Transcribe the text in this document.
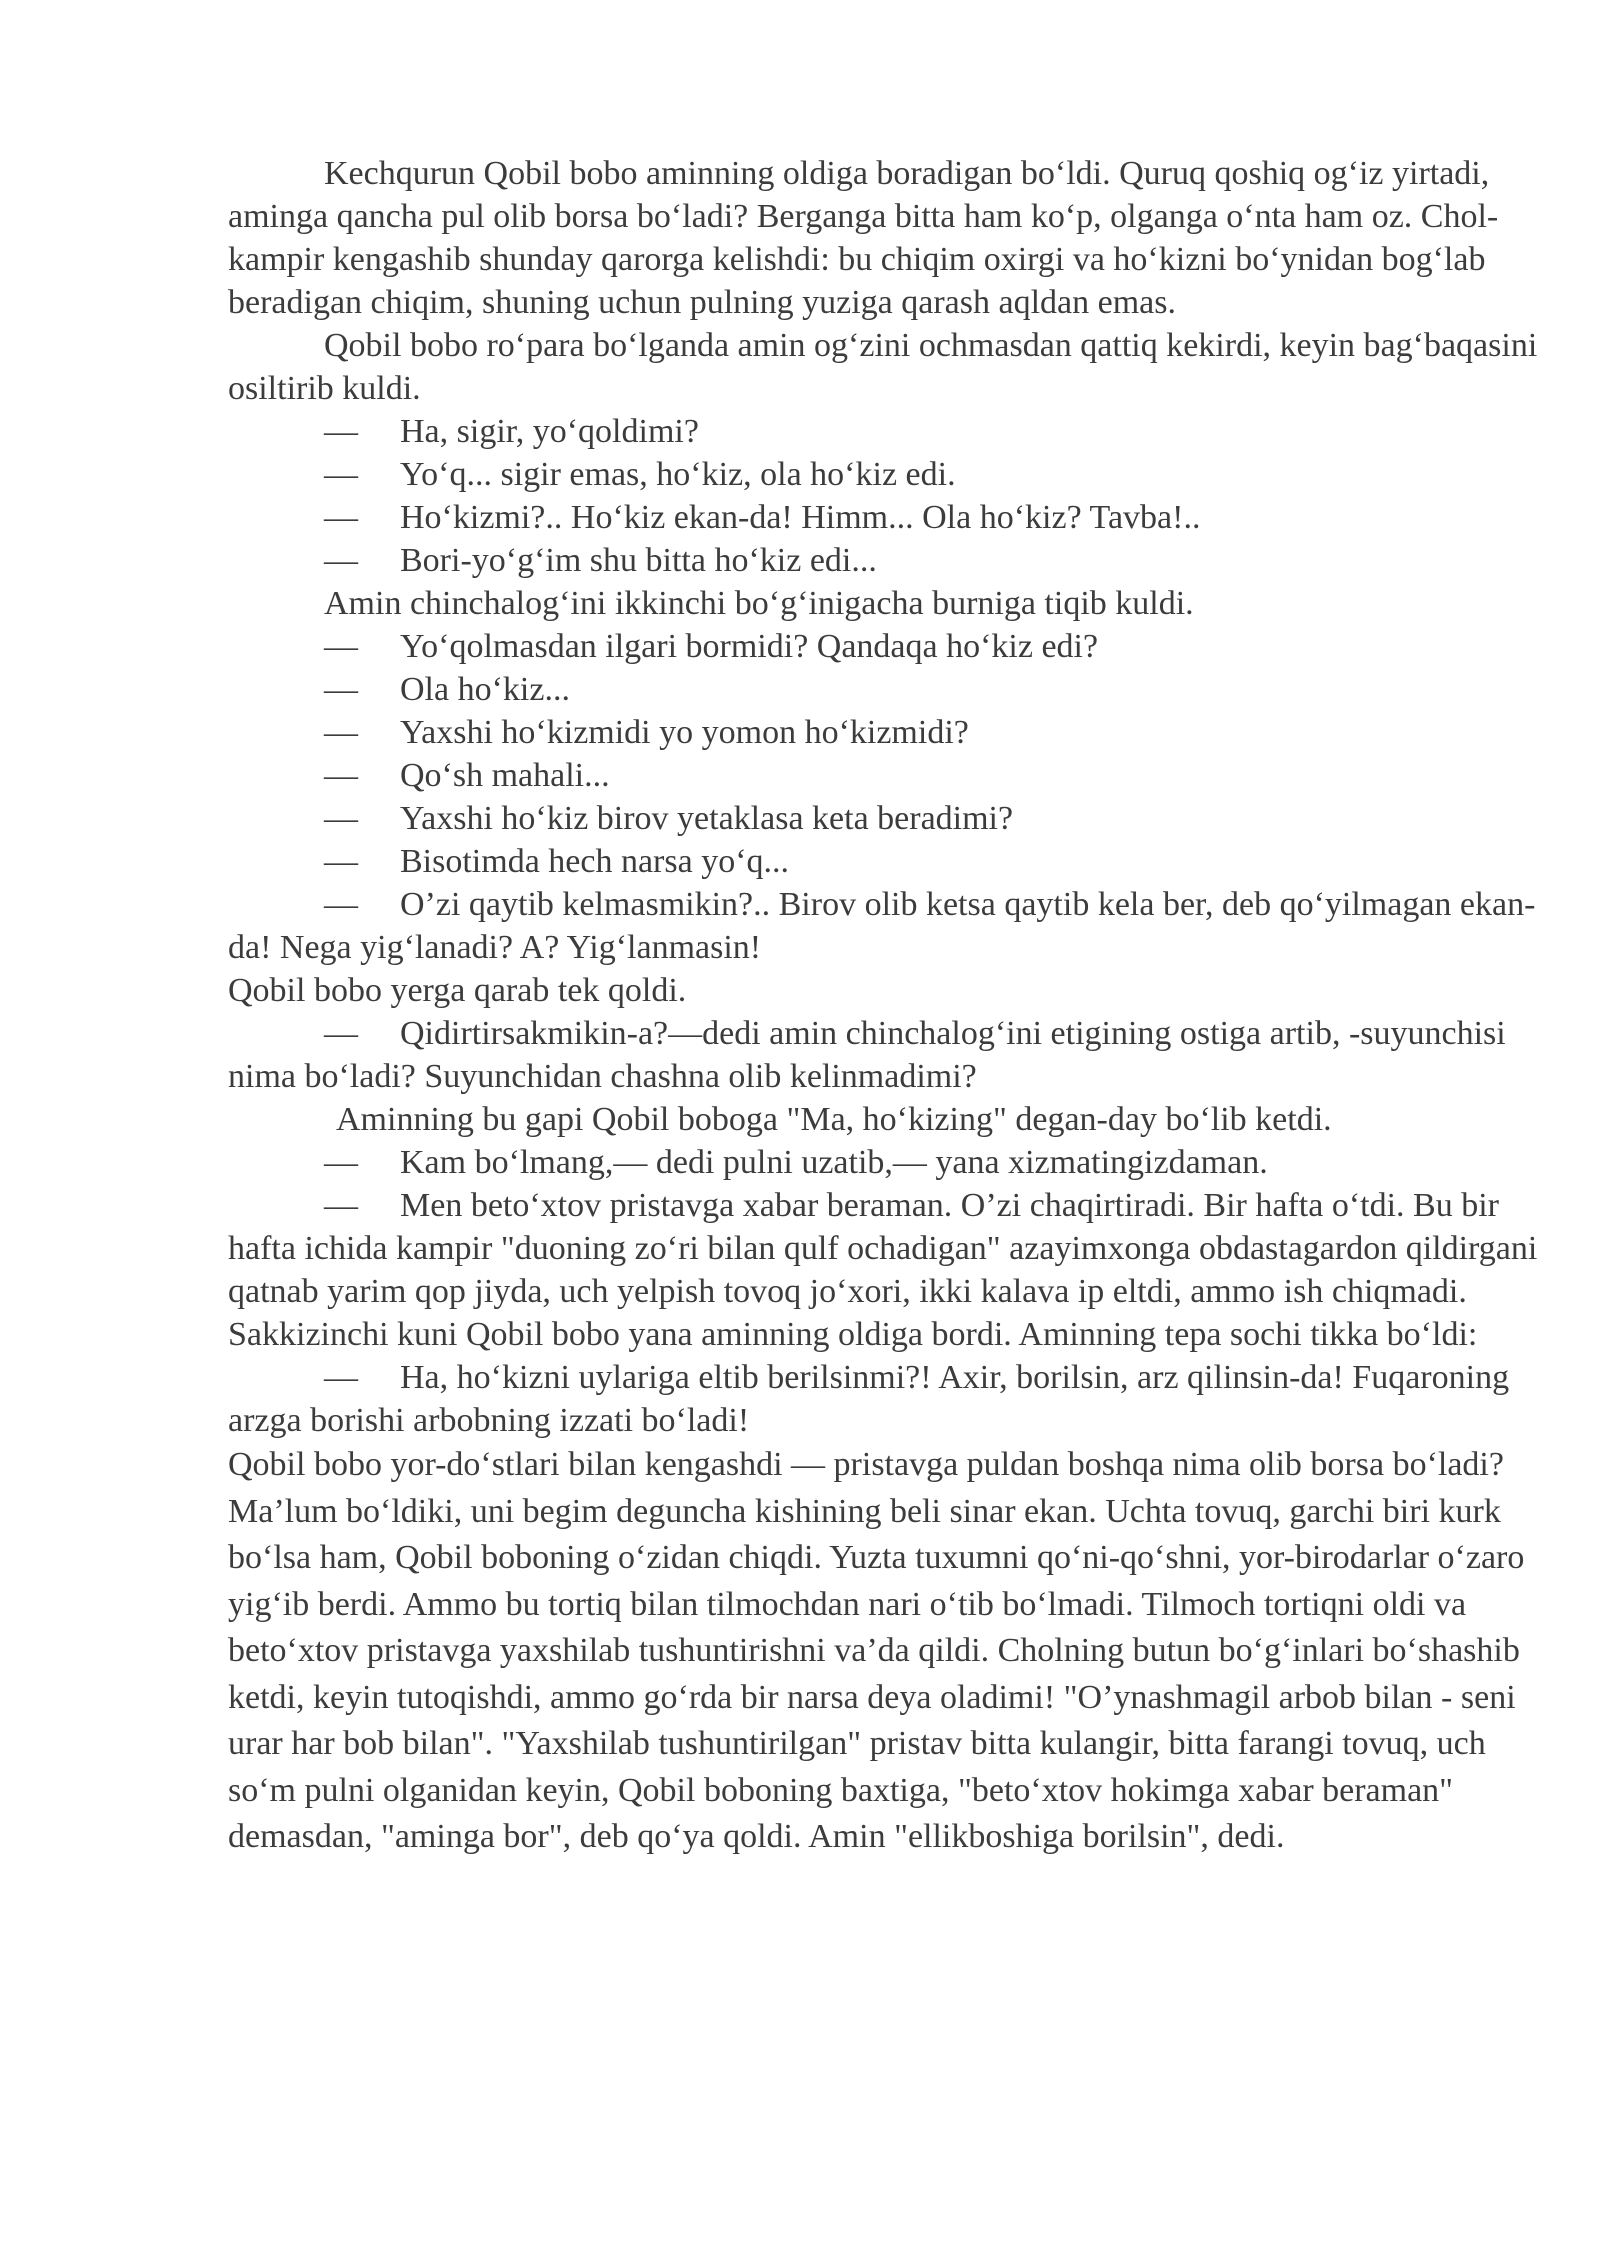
Kechqurun Qobil bobo aminning oldiga boradigan bo‘ldi. Quruq qoshiq og‘iz yirtadi, aminga qancha pul olib borsa bo‘ladi? Berganga bitta ham ko‘p, olganga o‘nta ham oz. Chol-kampir kengashib shunday qarorga kelishdi: bu chiqim oxirgi va ho‘kizni bo‘ynidan bog‘lab beradigan chiqim, shuning uchun pulning yuziga qarash aqldan emas.

Qobil bobo ro‘para bo‘lganda amin og‘zini ochmasdan qattiq kekirdi, keyin bag‘baqasini osiltirib kuldi.

— Ha, sigir, yo‘qoldimi?

— Yo‘q... sigir emas, ho‘kiz, ola ho‘kiz edi.

— Ho‘kizmi?.. Ho‘kiz ekan-da! Himm... Ola ho‘kiz? Tavba!..

— Bori-yo‘g‘im shu bitta ho‘kiz edi...

Amin chinchalog‘ini ikkinchi bo‘g‘inigacha burniga tiqib kuldi.

— Yo‘qolmasdan ilgari bormidi? Qandaqa ho‘kiz edi?

— Ola ho‘kiz...

— Yaxshi ho‘kizmidi yo yomon ho‘kizmidi?

— Qo‘sh mahali...

— Yaxshi ho‘kiz birov yetaklasa keta beradimi?

— Bisotimda hech narsa yo‘q...

— O’zi qaytib kelmasmikin?.. Birov olib ketsa qaytib kela ber, deb qo‘yilmagan ekan-da! Nega yig‘lanadi? A? Yig‘lanmasin!

Qobil bobo yerga qarab tek qoldi.

— Qidirtirsakmikin-a?—dedi amin chinchalog‘ini etigining ostiga artib, -suyunchisi nima bo‘ladi? Suyunchidan chashna olib kelinmadimi?

Aminning bu gapi Qobil boboga "Ma, ho‘kizing" degan-day bo‘lib ketdi.

— Kam bo‘lmang,— dedi pulni uzatib,— yana xizmatingizdaman.

— Men beto‘xtov pristavga xabar beraman. O’zi chaqirtiradi. Bir hafta o‘tdi. Bu bir hafta ichida kampir "duoning zo‘ri bilan qulf ochadigan" azayimxonga obdastagardon qildirgani qatnab yarim qop jiyda, uch yelpish tovoq jo‘xori, ikki kalava ip eltdi, ammo ish chiqmadi. Sakkizinchi kuni Qobil bobo yana aminning oldiga bordi. Aminning tepa sochi tikka bo‘ldi:

— Ha, ho‘kizni uylariga eltib berilsinmi?! Axir, borilsin, arz qilinsin-da! Fuqaroning arzga borishi arbobning izzati bo‘ladi!

Qobil bobo yor-do‘stlari bilan kengashdi — pristavga puldan boshqa nima olib borsa bo‘ladi? Ma’lum bo‘ldiki, uni begim deguncha kishining beli sinar ekan. Uchta tovuq, garchi biri kurk bo‘lsa ham, Qobil boboning o‘zidan chiqdi. Yuzta tuxumni qo‘ni-qo‘shni, yor-birodarlar o‘zaro yig‘ib berdi. Ammo bu tortiq bilan tilmochdan nari o‘tib bo‘lmadi. Tilmoch tortiqni oldi va beto‘xtov pristavga yaxshilab tushuntirishni va’da qildi. Cholning butun bo‘g‘inlari bo‘shashib ketdi, keyin tutoqishdi, ammo go‘rda bir narsa deya oladimi! "O’ynashmagil arbob bilan - seni urar har bob bilan". "Yaxshilab tushuntirilgan" pristav bitta kulangir, bitta farangi tovuq, uch so‘m pulni olganidan keyin, Qobil boboning baxtiga, "beto‘xtov hokimga xabar beraman" demasdan, "aminga bor", deb qo‘ya qoldi. Amin "ellikboshiga borilsin", dedi.
